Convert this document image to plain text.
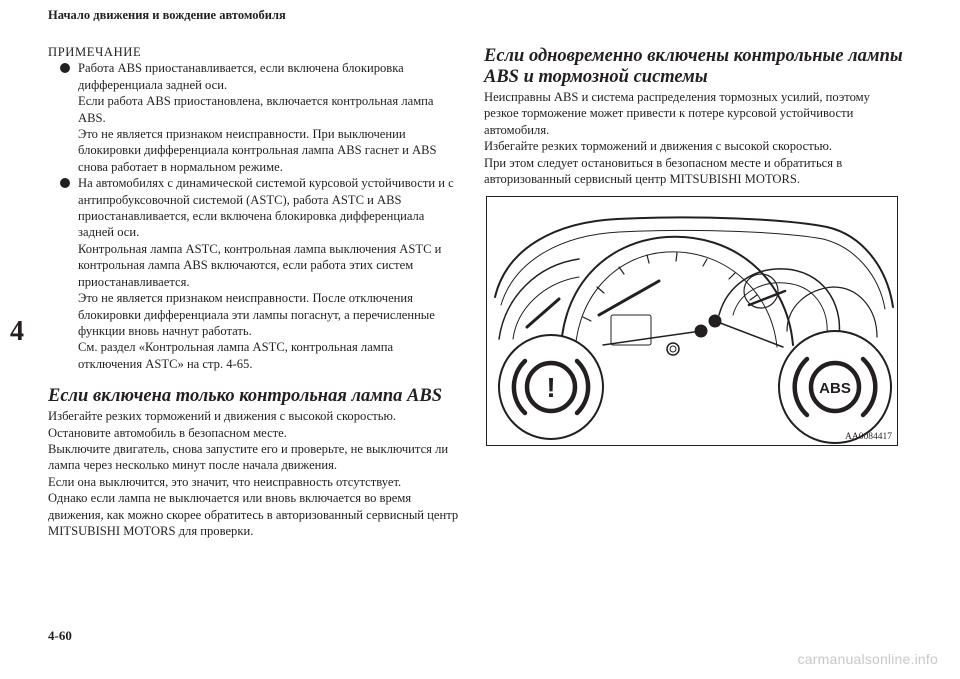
Начало движения и вождение автомобиля
4

ПРИМЕЧАНИЕ

Работа ABS приостанавливается, если включена блокировка дифференциала задней оси.

Если работа ABS приостановлена, включается контрольная лампа ABS.

Это не является признаком неисправности. При выключении блокировки дифференциала контрольная лампа ABS гаснет и ABS снова работает в нормальном режиме.

На автомобилях с динамической системой курсовой устойчивости и с антипробуксовочной системой (ASTC), работа ASTC и ABS приостанавливается, если включена блокировка дифференциала задней оси.

Контрольная лампа ASTC, контрольная лампа выключения ASTC и контрольная лампа ABS включаются, если работа этих систем приостанавливается.

Это не является признаком неисправности. После отключения блокировки дифференциала эти лампы погаснут, а перечисленные функции вновь начнут работать.

См. раздел «Контрольная лампа ASTC, контрольная лампа отключения ASTC» на стр. 4-65.

Если включена только контрольная лампа ABS

Избегайте резких торможений и движения с высокой скоростью.

Остановите автомобиль в безопасном месте.

Выключите двигатель, снова запустите его и проверьте, не выключится ли лампа через несколько минут после начала движения.

Если она выключится, это значит, что неисправность отсутствует.

Однако если лампа не выключается или вновь включается во время движения, как можно скорее обратитесь в авторизованный сервисный центр MITSUBISHI MOTORS для проверки.

Если одновременно включены контрольные лампы ABS и тормозной системы

Неисправны ABS и система распределения тормозных усилий, поэтому резкое торможение может привести к потере курсовой устойчивости автомобиля.

Избегайте резких торможений и движения с высокой скоростью.

При этом следует остановиться в безопасном месте и обратиться в авторизованный сервисный центр MITSUBISHI MOTORS.

!	ABS
AA0084417
4-60
carmanualsonline.info
